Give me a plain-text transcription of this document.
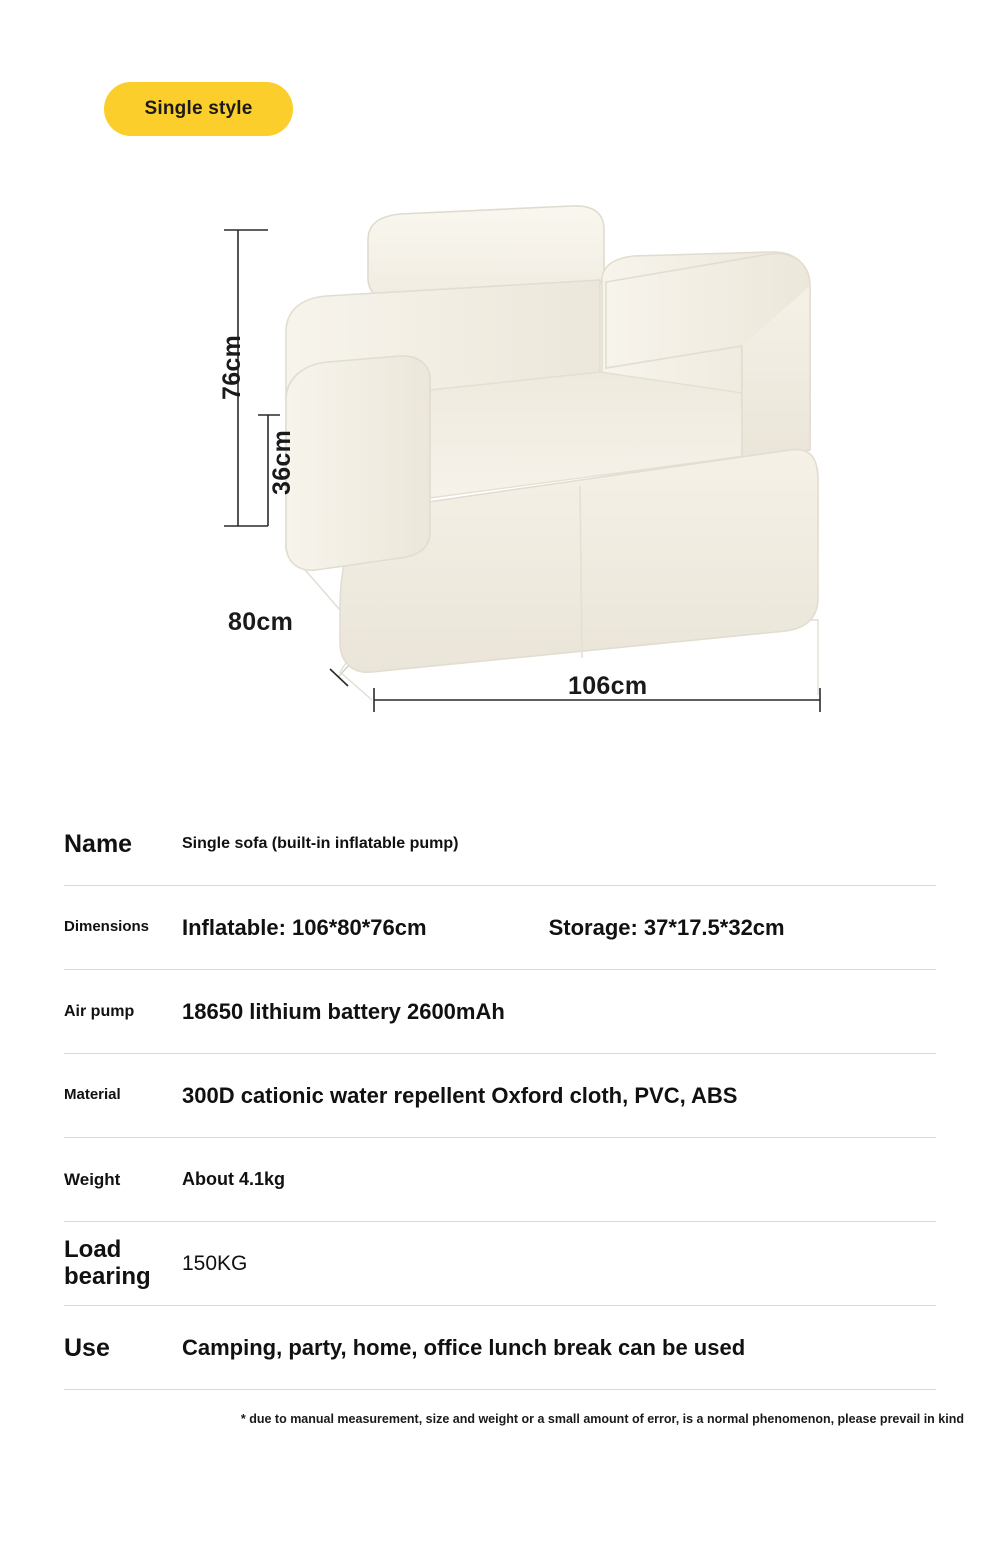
Single style
76cm
36cm
80cm
106cm
Name	Single sofa (built-in inflatable pump)
Dimensions	Inflatable: 106*80*76cm	Storage: 37*17.5*32cm
Air pump	18650 lithium battery 2600mAh
Material	300D cationic water repellent Oxford cloth, PVC, ABS
Weight	About 4.1kg
Load bearing	150KG
Use	Camping, party, home, office lunch break can be used
* due to manual measurement, size and weight or a small amount of error, is a normal phenomenon, please prevail in kind
